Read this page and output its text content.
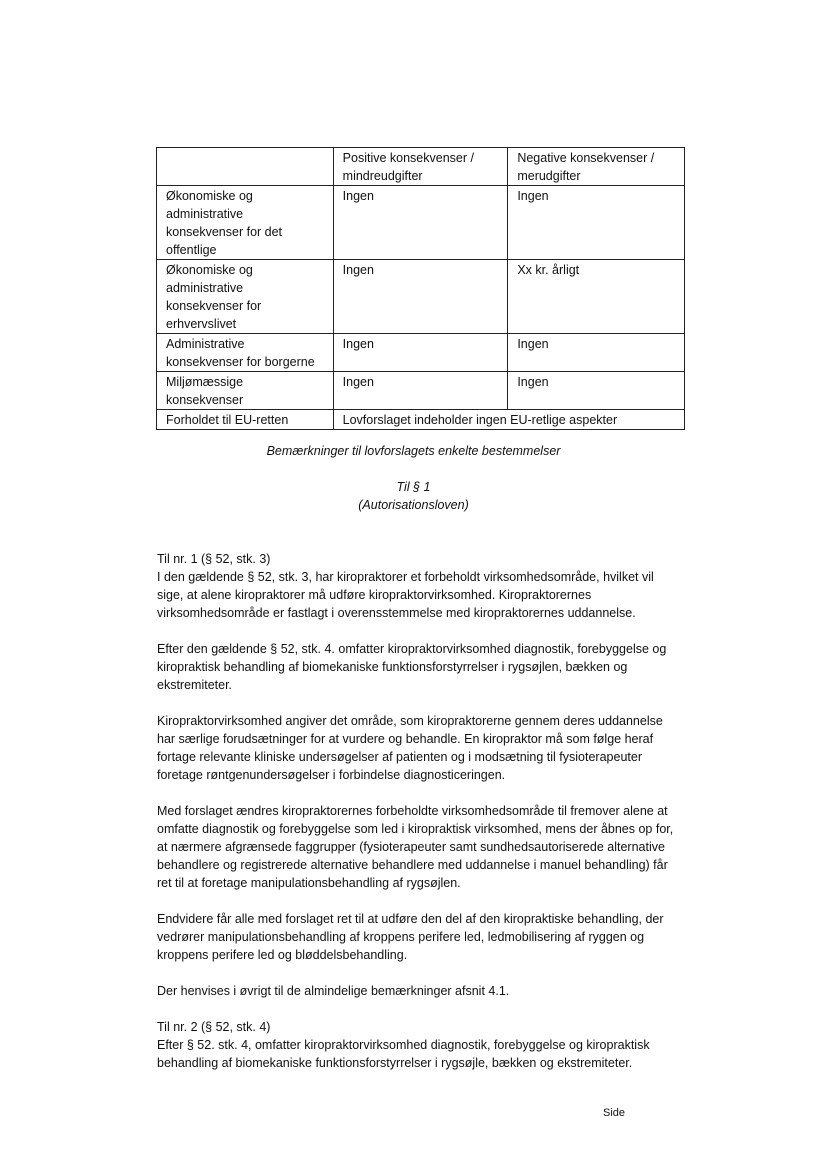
	Positive konsekvenser / mindreudgifter	Negative konsekvenser / merudgifter
Økonomiske og administrative konsekvenser for det offentlige	Ingen	Ingen
Økonomiske og administrative konsekvenser for erhvervslivet	Ingen	Xx kr. årligt
Administrative konsekvenser for borgerne	Ingen	Ingen
Miljømæssige konsekvenser	Ingen	Ingen
Forholdet til EU-retten	Lovforslaget indeholder ingen EU-retlige aspekter	
Bemærkninger til lovforslagets enkelte bestemmelser
Til § 1
(Autorisationsloven)

Til nr. 1 (§ 52, stk. 3)

I den gældende § 52, stk. 3, har kiropraktorer et forbeholdt virksomhedsområde, hvilket vil sige, at alene kiropraktorer må udføre kiropraktorvirksomhed. Kiropraktorernes virksomhedsområde er fastlagt i overensstemmelse med kiropraktorernes uddannelse.

Efter den gældende § 52, stk. 4. omfatter kiropraktorvirksomhed diagnostik, forebyggelse og kiropraktisk behandling af biomekaniske funktionsforstyrrelser i rygsøjlen, bækken og ekstremiteter.

Kiropraktorvirksomhed angiver det område, som kiropraktorerne gennem deres uddannelse har særlige forudsætninger for at vurdere og behandle. En kiropraktor må som følge heraf fortage relevante kliniske undersøgelser af patienten og i modsætning til fysioterapeuter foretage røntgenundersøgelser i forbindelse diagnosticeringen.

Med forslaget ændres kiropraktorernes forbeholdte virksomhedsområde til fremover alene at omfatte diagnostik og forebyggelse som led i kiropraktisk virksomhed, mens der åbnes op for, at nærmere afgrænsede faggrupper (fysioterapeuter samt sundhedsautoriserede alternative behandlere og registrerede alternative behandlere med uddannelse i manuel behandling) får ret til at foretage manipulationsbehandling af rygsøjlen.

Endvidere får alle med forslaget ret til at udføre den del af den kiropraktiske behandling, der vedrører manipulationsbehandling af kroppens perifere led, ledmobilisering af ryggen og kroppens perifere led og bløddelsbehandling.

Der henvises i øvrigt til de almindelige bemærkninger afsnit 4.1.

Til nr. 2 (§ 52, stk. 4)

Efter § 52. stk. 4, omfatter kiropraktorvirksomhed diagnostik, forebyggelse og kiropraktisk behandling af biomekaniske funktionsforstyrrelser i rygsøjle, bækken og ekstremiteter.

Side
